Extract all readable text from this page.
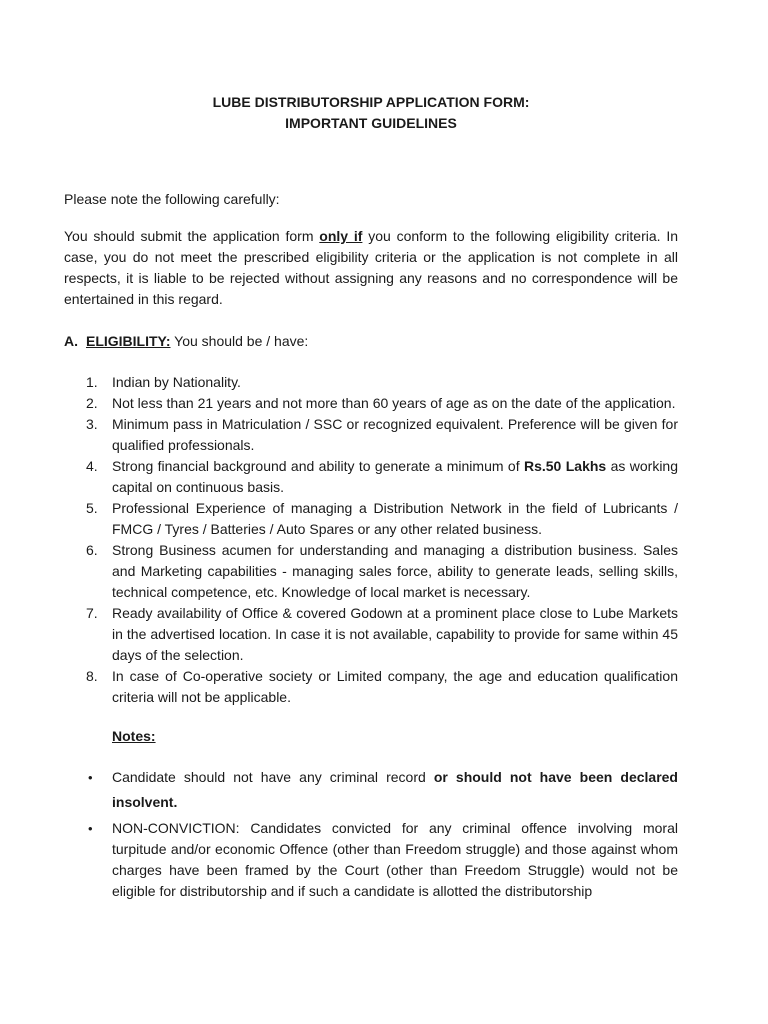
LUBE DISTRIBUTORSHIP APPLICATION FORM:
IMPORTANT GUIDELINES

Please note the following carefully:

You should submit the application form only if you conform to the following eligibility criteria. In case, you do not meet the prescribed eligibility criteria or the application is not complete in all respects, it is liable to be rejected without assigning any reasons and no correspondence will be entertained in this regard.

A. ELIGIBILITY: You should be / have:
1.	Indian by Nationality.
2.	Not less than 21 years and not more than 60 years of age as on the date of the application.
3.	Minimum pass in Matriculation / SSC or recognized equivalent. Preference will be given for qualified professionals.
4.	Strong financial background and ability to generate a minimum of Rs.50 Lakhs as working capital on continuous basis.
5.	Professional Experience of managing a Distribution Network in the field of Lubricants / FMCG / Tyres / Batteries / Auto Spares or any other related business.
6.	Strong Business acumen for understanding and managing a distribution business. Sales and Marketing capabilities - managing sales force, ability to generate leads, selling skills, technical competence, etc. Knowledge of local market is necessary.
7.	Ready availability of Office & covered Godown at a prominent place close to Lube Markets in the advertised location. In case it is not available, capability to provide for same within 45 days of the selection.
8.	In case of Co-operative society or Limited company, the age and education qualification criteria will not be applicable.
Notes:
•	Candidate should not have any criminal record or should not have been declared insolvent.
•	NON-CONVICTION: Candidates convicted for any criminal offence involving moral turpitude and/or economic Offence (other than Freedom struggle) and those against whom charges have been framed by the Court (other than Freedom Struggle) would not be eligible for distributorship and if such a candidate is allotted the distributorship
